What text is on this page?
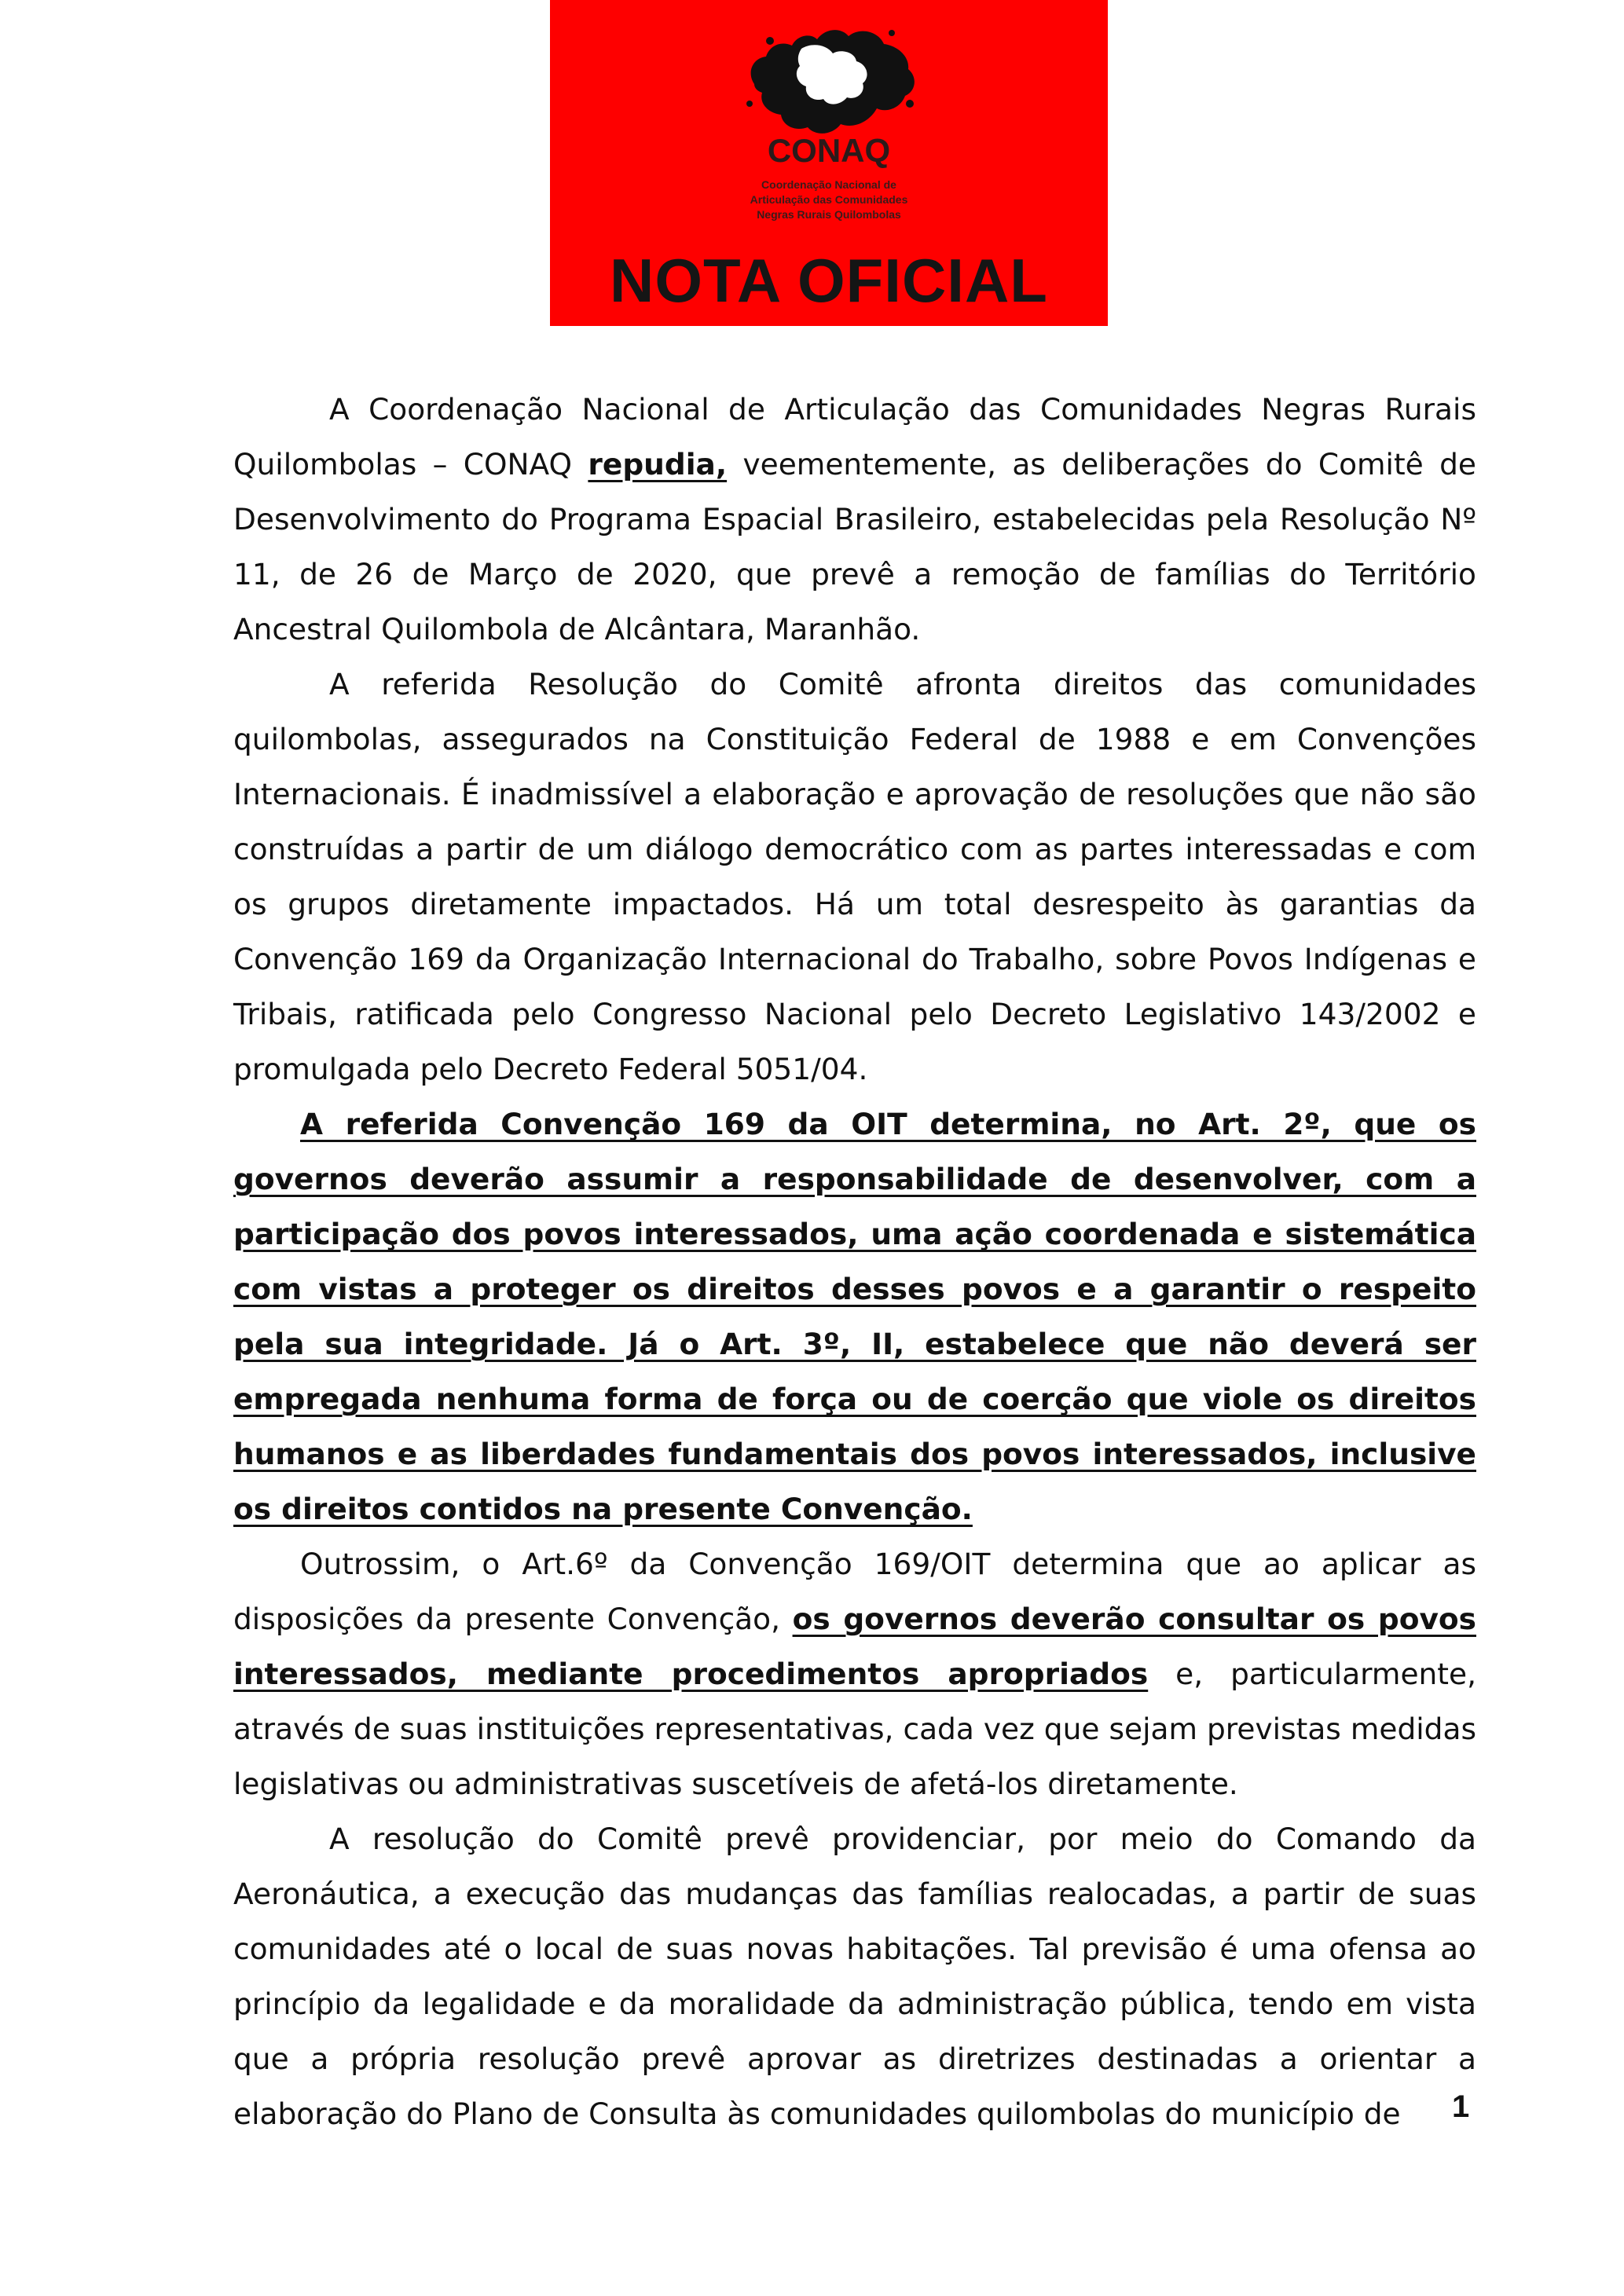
CONAQ
Coordenação Nacional de
Articulação das Comunidades
Negras Rurais Quilombolas
NOTA OFICIAL

A Coordenação Nacional de Articulação das Comunidades Negras Rurais Quilombolas – CONAQ repudia, veementemente, as deliberações do Comitê de Desenvolvimento do Programa Espacial Brasileiro, estabelecidas pela Resolução Nº 11, de 26 de Março de 2020, que prevê a remoção de famílias do Território Ancestral Quilombola de Alcântara, Maranhão.

A referida Resolução do Comitê afronta direitos das comunidades quilombolas, assegurados na Constituição Federal de 1988 e em Convenções Internacionais. É inadmissível a elaboração e aprovação de resoluções que não são construídas a partir de um diálogo democrático com as partes interessadas e com os grupos diretamente impactados. Há um total desrespeito às garantias da Convenção 169 da Organização Internacional do Trabalho, sobre Povos Indígenas e Tribais, ratificada pelo Congresso Nacional pelo Decreto Legislativo 143/2002 e promulgada pelo Decreto Federal 5051/04.

A referida Convenção 169 da OIT determina, no Art. 2º, que os governos deverão assumir a responsabilidade de desenvolver, com a participação dos povos interessados, uma ação coordenada e sistemática com vistas a proteger os direitos desses povos e a garantir o respeito pela sua integridade. Já o Art. 3º, II, estabelece que não deverá ser empregada nenhuma forma de força ou de coerção que viole os direitos humanos e as liberdades fundamentais dos povos interessados, inclusive os direitos contidos na presente Convenção.

Outrossim, o Art.6º da Convenção 169/OIT determina que ao aplicar as disposições da presente Convenção, os governos deverão consultar os povos interessados, mediante procedimentos apropriados e, particularmente, através de suas instituições representativas, cada vez que sejam previstas medidas legislativas ou administrativas suscetíveis de afetá-los diretamente.

A resolução do Comitê prevê providenciar, por meio do Comando da Aeronáutica, a execução das mudanças das famílias realocadas, a partir de suas comunidades até o local de suas novas habitações. Tal previsão é uma ofensa ao princípio da legalidade e da moralidade da administração pública, tendo em vista que a própria resolução prevê aprovar as diretrizes destinadas a orientar a elaboração do Plano de Consulta às comunidades quilombolas do município de	1
